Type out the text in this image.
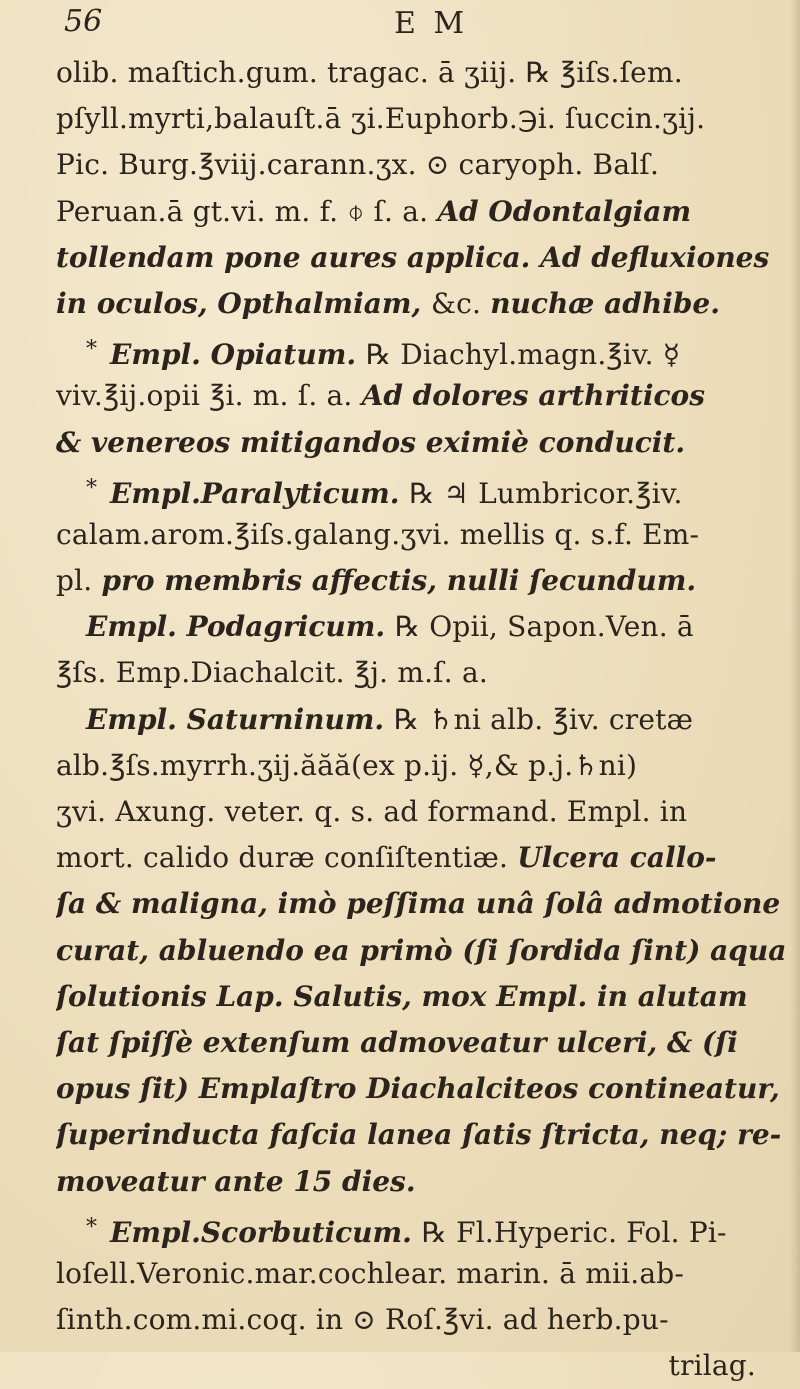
56	E M
olib. maſtich.gum. tragac. ā ʒiij. ℞ ℥iſs.ſem.
pſyll.myrti,balauſt.ā ʒi.Euphorb.℈i. ſuccin.ʒij.
Pic. Burg.℥viij.carann.ʒx. ⊙ caryoph. Balſ.
Peruan.ā gt.vi. m. f. ⌽ ſ. a. Ad Odontalgiam
tollendam pone aures applica. Ad defluxiones
in oculos, Opthalmiam, &c. nuchæ adhibe.
* Empl. Opiatum. ℞ Diachyl.magn.℥iv. ☿
viv.℥ij.opii ℥i. m. ſ. a. Ad dolores arthriticos
& venereos mitigandos eximiè conducit.
* Empl.Paralyticum. ℞ ♃ Lumbricor.℥iv.
calam.arom.℥iſs.galang.ʒvi. mellis q. s.f. Em-
pl. pro membris affectis, nulli ſecundum.
Empl. Podagricum. ℞ Opii, Sapon.Ven. ā
℥ſs. Emp.Diachalcit. ℥j. m.ſ. a.
Empl. Saturninum. ℞ ♄ni alb. ℥iv. cretæ
alb.℥ſs.myrrh.ʒij.ăăă(ex p.ij. ☿,& p.j.♄ni)
ʒvi. Axung. veter. q. s. ad formand. Empl. in
mort. calido duræ conſiſtentiæ. Ulcera callo-
ſa & maligna, imò peſſima unâ ſolâ admotione
curat, abluendo ea primò (ſi ſordida ſint) aqua
ſolutionis Lap. Salutis, mox Empl. in alutam
ſat ſpiſſè extenſum admoveatur ulceri, & (ſi
opus ſit) Emplaſtro Diachalciteos contineatur,
ſuperinducta faſcia lanea ſatis ſtricta, neq; re-
moveatur ante 15 dies.
* Empl.Scorbuticum. ℞ Fl.Hyperic. Fol. Pi-
loſell.Veronic.mar.cochlear. marin. ā mii.ab-
ſinth.com.mi.coq. in ⊙ Roſ.℥vi. ad herb.pu-
trilag.
